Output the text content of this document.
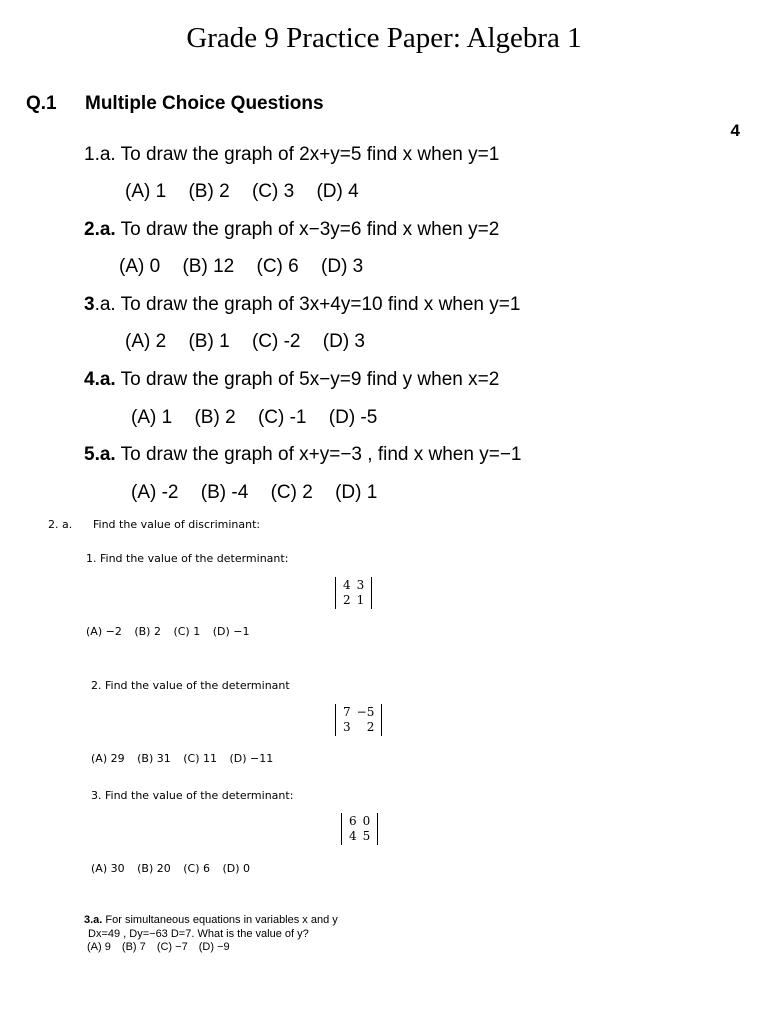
Grade 9 Practice Paper: Algebra 1
Q.1 Multiple Choice Questions
4
1.a. To draw the graph of 2x+y=5 find x when y=1
(A) 1 (B) 2 (C) 3 (D) 4
2.a. To draw the graph of x−3y=6 find x when y=2
(A) 0 (B) 12 (C) 6 (D) 3
3.a. To draw the graph of 3x+4y=10 find x when y=1
(A) 2 (B) 1 (C) -2 (D) 3
4.a. To draw the graph of 5x−y=9 find y when x=2
(A) 1 (B) 2 (C) -1 (D) -5
5.a. To draw the graph of x+y=−3 , find x when y=−1
(A) -2 (B) -4 (C) 2 (D) 1
2. a. Find the value of discriminant:
1. Find the value of the determinant:
4	3
2	1
(A) −2 (B) 2 (C) 1 (D) −1
2. Find the value of the determinant
7	−5
3	2
(A) 29 (B) 31 (C) 11 (D) −11
3. Find the value of the determinant:
6	0
4	5
(A) 30 (B) 20 (C) 6 (D) 0
3.a. For simultaneous equations in variables x and y
Dx=49 , Dy=−63 D=7. What is the value of y?
(A) 9 (B) 7 (C) −7 (D) −9
